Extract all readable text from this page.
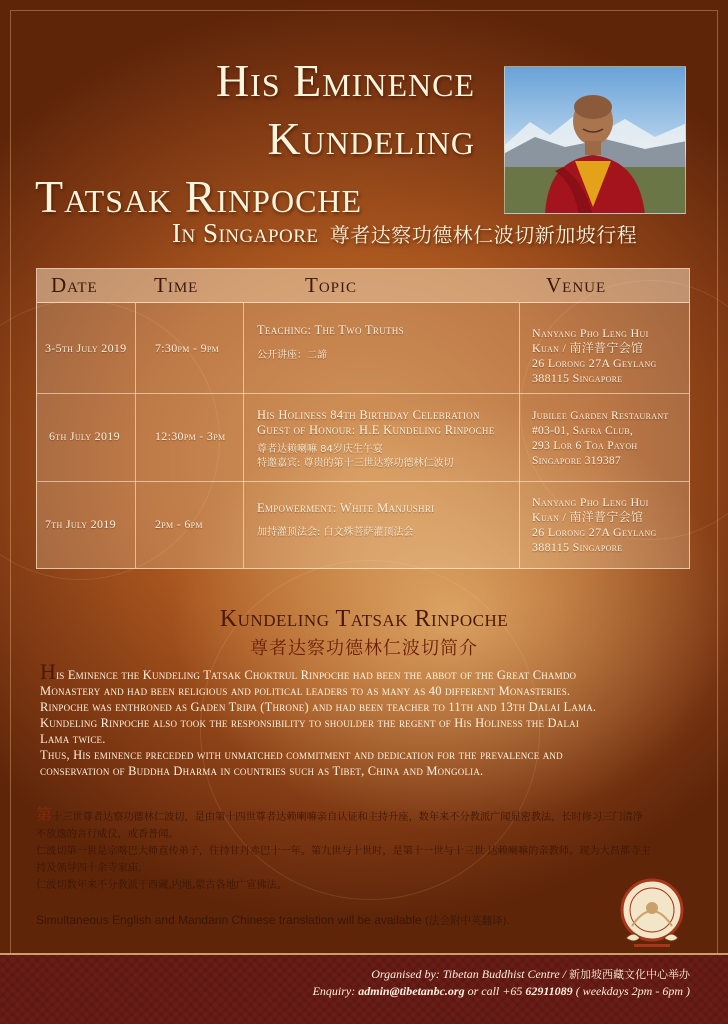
His Eminence
Kundeling
Tatsak Rinpoche
In Singapore 尊者达察功德林仁波切新加坡行程
Date	Time	Topic	Venue
3-5th July 2019 7:30pm - 9pm
Teaching: The Two Truths
公开讲座：二諦
Nanyang Pho Leng Hui
Kuan / 南洋普宁会馆
26 Lorong 27A Geylang
388115 Singapore
6th July 2019	12:30pm - 3pm
His Holiness 84th Birthday Celebration
Guest of Honour: H.E Kundeling Rinpoche
尊者达赖喇嘛 84岁庆生午宴
特邀嘉宾: 尊贵的第十三世达察功德林仁波切
Jubilee Garden Restaurant
#03-01, Safra Club,
293 Lor 6 Toa Payoh
Singapore 319387
7th July 2019	2pm - 6pm
Empowerment: White Manjushri
加持灌顶法会: 白文殊菩萨灌顶法会
Nanyang Pho Leng Hui
Kuan / 南洋普宁会馆
26 Lorong 27A Geylang
388115 Singapore
Kundeling Tatsak Rinpoche
尊者达察功德林仁波切简介
His Eminence the Kundeling Tatsak Choktrul Rinpoche had been the abbot of the Great Chamdo
Monastery and had been religious and political leaders to as many as 40 different Monasteries.
Rinpoche was enthroned as Gaden Tripa (Throne) and had been teacher to 11th and 13th Dalai Lama.
Kundeling Rinpoche also took the responsibility to shoulder the regent of His Holiness the Dalai
Lama twice.
Thus, His eminence preceded with unmatched commitment and dedication for the prevalence and
conservation of Buddha Dharma in countries such as Tibet, China and Mongolia.
第十三世尊者达察功德林仁波切，是由第十四世尊者达赖喇嘛亲自认证和主持升座，数年来不分教派广闻显密教法，长时修习三门清净
不放逸的言行威仪，戒香普闻。
仁波切第一世是宗喀巴大师直传弟子，住持甘丹赤巴十一年。第九世与十世时，是第十一世与十三世 达赖喇嘛的亲教师。现为大昌都寺主
持及领导四十余寺家庙。
仁波切数年来不分教派于西藏,内地,蒙古各地广宣佛法。
Simultaneous English and Mandarin Chinese translation will be available (法会附中英翻译).
Organised by: Tibetan Buddhist Centre / 新加坡西藏文化中心举办
Enquiry: admin@tibetanbc.org or call +65 62911089 ( weekdays 2pm - 6pm )
